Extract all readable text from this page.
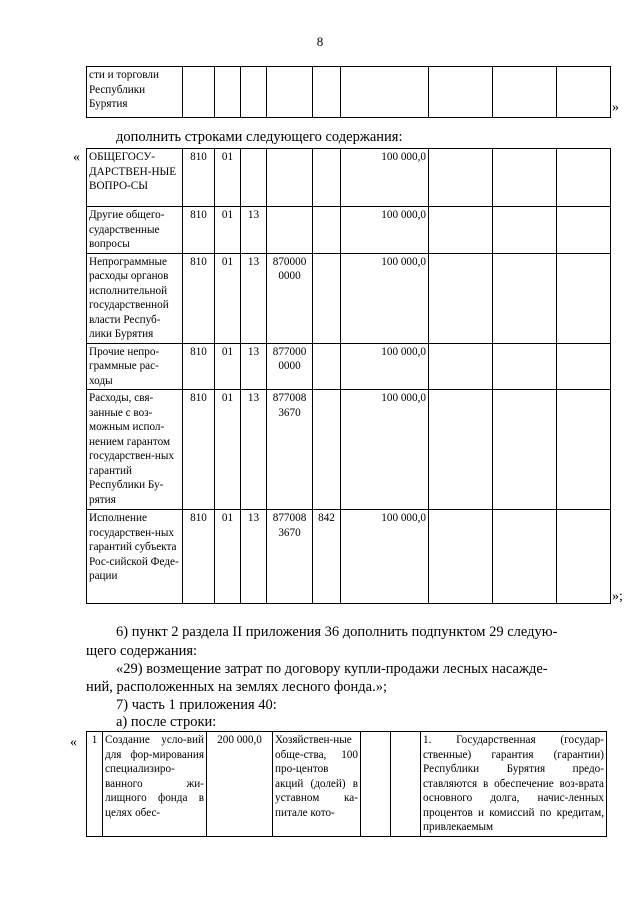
8
сти и торговли Республики Бурятия										»
дополнить строками следующего содержания:
« ОБЩЕГОСУ-ДАРСТВЕН-НЫЕ ВОПРО-СЫ	810	01				100 000,0			
Другие общего-сударственные вопросы	810	01	13			100 000,0			
Непрограммные расходы органов исполнительной государственной власти Респуб-лики Бурятия	810	01	13	870000 0000		100 000,0			
Прочие непро-граммные рас-ходы	810	01	13	877000 0000		100 000,0			
Расходы, свя-занные с воз-можным испол-нением гарантом государствен-ных гарантий Республики Бу-рятия	810	01	13	877008 3670		100 000,0			
Исполнение государствен-ных гарантий субъекта Рос-сийской Феде-рации	810	01	13	877008 3670	842	100 000,0			
»;
6) пункт 2 раздела II приложения 36 дополнить подпунктом 29 следую-
щего содержания:
«29) возмещение затрат по договору купли-продажи лесных насажде-
ний, расположенных на землях лесного фонда.»;
7) часть 1 приложения 40:
а) после строки:
« 1	Создание усло-вий для фор-мирования специализиро-ванного жи-лищного фонда в целях обес-	200 000,0	Хозяйствен-ные обще-ства, 100 про-центов акций (долей) в уставном ка-питале кото-			1. Государственная (государ-ственные) гарантия (гарантии) Республики Бурятия предо-ставляются в обеспечение воз-врата основного долга, начис-ленных процентов и комиссий по кредитам, привлекаемым
